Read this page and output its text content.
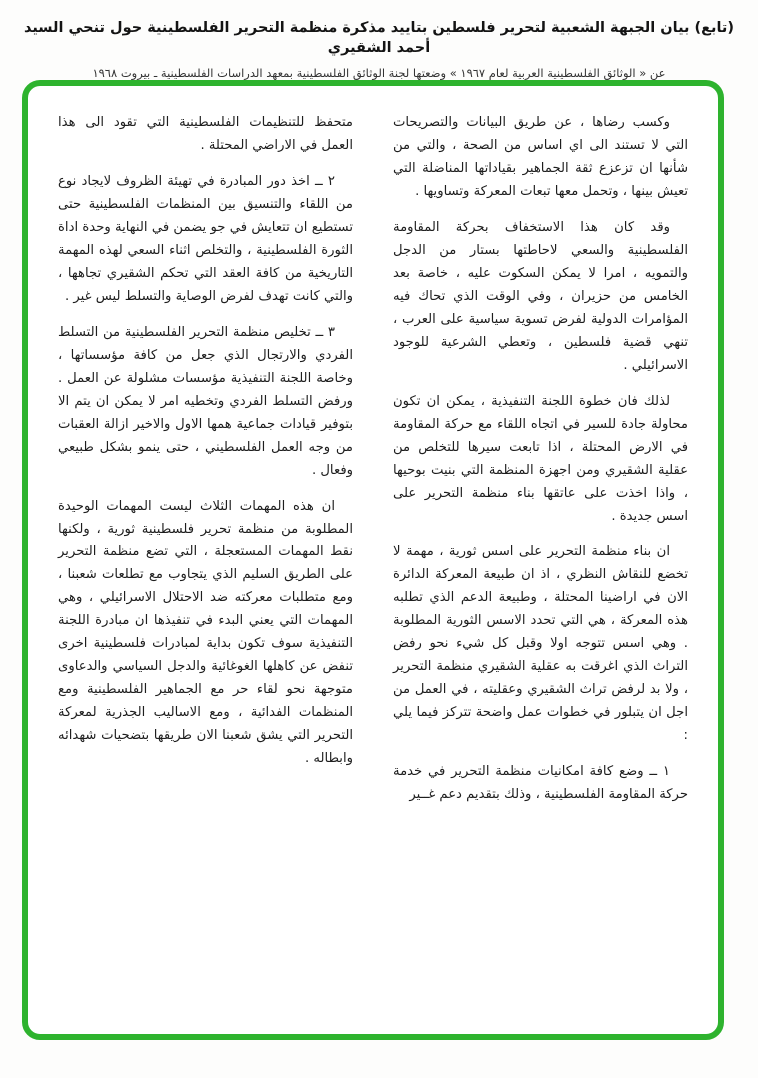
(تابع) بيان الجبهة الشعبية لتحرير فلسطين بتاييد مذكرة منظمة التحرير الفلسطينية حول تنحي السيد أحمد الشقيري
عن « الوثائق الفلسطينية العربية لعام ١٩٦٧ » وضعتها لجنة الوثائق الفلسطينية بمعهد الدراسات الفلسطينية ـ بيروت ١٩٦٨

وكسب رضاها ، عن طريق البيانات والتصريحات التي لا تستند الى اي اساس من الصحة ، والتي من شأنها ان تزعزع ثقة الجماهير بقياداتها المناضلة التي تعيش بينها ، وتحمل معها تبعات المعركة وتساويها .

وقد كان هذا الاستخفاف بحركة المقاومة الفلسطينية والسعي لاحاطتها بستار من الدجل والتمويه ، امرا لا يمكن السكوت عليه ، خاصة بعد الخامس من حزيران ، وفي الوقت الذي تحاك فيه المؤامرات الدولية لفرض تسوية سياسية على العرب ، تنهي قضية فلسطين ، وتعطي الشرعية للوجود الاسرائيلي .

لذلك فان خطوة اللجنة التنفيذية ، يمكن ان تكون محاولة جادة للسير في اتجاه اللقاء مع حركة المقاومة في الارض المحتلة ، اذا تابعت سيرها للتخلص من عقلية الشقيري ومن اجهزة المنظمة التي بنيت بوحيها ، واذا اخذت على عاتقها بناء منظمة التحرير على اسس جديدة .

ان بناء منظمة التحرير على اسس ثورية ، مهمة لا تخضع للنقاش النظري ، اذ ان طبيعة المعركة الدائرة الان في اراضينا المحتلة ، وطبيعة الدعم الذي تطلبه هذه المعركة ، هي التي تحدد الاسس الثورية المطلوبة . وهي اسس تتوجه اولا وقبل كل شيء نحو رفض التراث الذي اغرقت به عقلية الشقيري منظمة التحرير ، ولا بد لرفض تراث الشقيري وعقليته ، في العمل من اجل ان يتبلور في خطوات عمل واضحة تتركز فيما يلي :

١ ــ وضع كافة امكانيات منظمة التحرير في خدمة حركة المقاومة الفلسطينية ، وذلك بتقديم دعم غــير

متحفظ للتنظيمات الفلسطينية التي تقود الى هذا العمل في الاراضي المحتلة .

٢ ــ اخذ دور المبادرة في تهيئة الظروف لايجاد نوع من اللقاء والتنسيق بين المنظمات الفلسطينية حتى تستطيع ان تتعايش في جو يضمن في النهاية وحدة اداة الثورة الفلسطينية ، والتخلص اثناء السعي لهذه المهمة التاريخية من كافة العقد التي تحكم الشقيري تجاهها ، والتي كانت تهدف لفرض الوصاية والتسلط ليس غير .

٣ ــ تخليص منظمة التحرير الفلسطينية من التسلط الفردي والارتجال الذي جعل من كافة مؤسساتها ، وخاصة اللجنة التنفيذية مؤسسات مشلولة عن العمل . ورفض التسلط الفردي وتخطيه امر لا يمكن ان يتم الا بتوفير قيادات جماعية همها الاول والاخير ازالة العقبات من وجه العمل الفلسطيني ، حتى ينمو بشكل طبيعي وفعال .

ان هذه المهمات الثلاث ليست المهمات الوحيدة المطلوبة من منظمة تحرير فلسطينية ثورية ، ولكنها نقط المهمات المستعجلة ، التي تضع منظمة التحرير على الطريق السليم الذي يتجاوب مع تطلعات شعبنا ، ومع متطلبات معركته ضد الاحتلال الاسرائيلي ، وهي المهمات التي يعني البدء في تنفيذها ان مبادرة اللجنة التنفيذية سوف تكون بداية لمبادرات فلسطينية اخرى تنفض عن كاهلها الغوغائية والدجل السياسي والدعاوى متوجهة نحو لقاء حر مع الجماهير الفلسطينية ومع المنظمات الفدائية ، ومع الاساليب الجذرية لمعركة التحرير التي يشق شعبنا الان طريقها بتضحيات شهدائه وابطاله .
